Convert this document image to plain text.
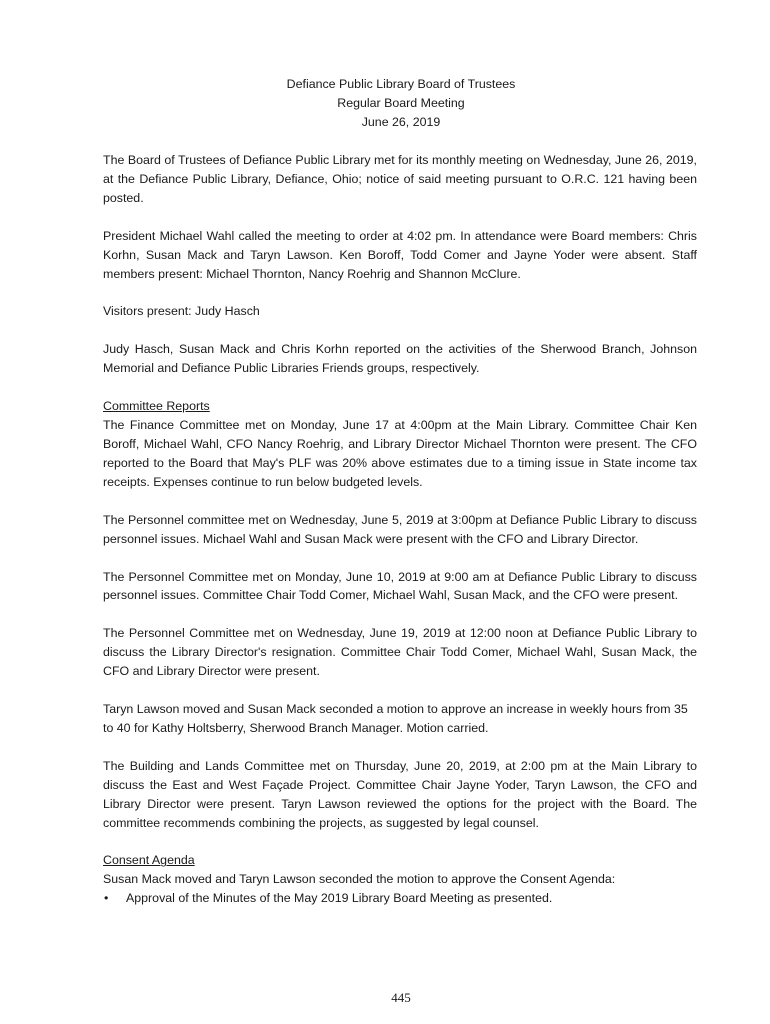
Defiance Public Library Board of Trustees
Regular Board Meeting
June 26, 2019

The Board of Trustees of Defiance Public Library met for its monthly meeting on Wednesday, June 26, 2019, at the Defiance Public Library, Defiance, Ohio; notice of said meeting pursuant to O.R.C. 121 having been posted.

President Michael Wahl called the meeting to order at 4:02 pm. In attendance were Board members: Chris Korhn, Susan Mack and Taryn Lawson. Ken Boroff, Todd Comer and Jayne Yoder were absent. Staff members present: Michael Thornton, Nancy Roehrig and Shannon McClure.

Visitors present: Judy Hasch

Judy Hasch, Susan Mack and Chris Korhn reported on the activities of the Sherwood Branch, Johnson Memorial and Defiance Public Libraries Friends groups, respectively.

Committee Reports

The Finance Committee met on Monday, June 17 at 4:00pm at the Main Library. Committee Chair Ken Boroff, Michael Wahl, CFO Nancy Roehrig, and Library Director Michael Thornton were present. The CFO reported to the Board that May's PLF was 20% above estimates due to a timing issue in State income tax receipts. Expenses continue to run below budgeted levels.

The Personnel committee met on Wednesday, June 5, 2019 at 3:00pm at Defiance Public Library to discuss personnel issues. Michael Wahl and Susan Mack were present with the CFO and Library Director.

The Personnel Committee met on Monday, June 10, 2019 at 9:00 am at Defiance Public Library to discuss personnel issues. Committee Chair Todd Comer, Michael Wahl, Susan Mack, and the CFO were present.

The Personnel Committee met on Wednesday, June 19, 2019 at 12:00 noon at Defiance Public Library to discuss the Library Director's resignation. Committee Chair Todd Comer, Michael Wahl, Susan Mack, the CFO and Library Director were present.

Taryn Lawson moved and Susan Mack seconded a motion to approve an increase in weekly hours from 35 to 40 for Kathy Holtsberry, Sherwood Branch Manager. Motion carried.

The Building and Lands Committee met on Thursday, June 20, 2019, at 2:00 pm at the Main Library to discuss the East and West Façade Project. Committee Chair Jayne Yoder, Taryn Lawson, the CFO and Library Director were present. Taryn Lawson reviewed the options for the project with the Board. The committee recommends combining the projects, as suggested by legal counsel.

Consent Agenda

Susan Mack moved and Taryn Lawson seconded the motion to approve the Consent Agenda:

• Approval of the Minutes of the May 2019 Library Board Meeting as presented.
445
